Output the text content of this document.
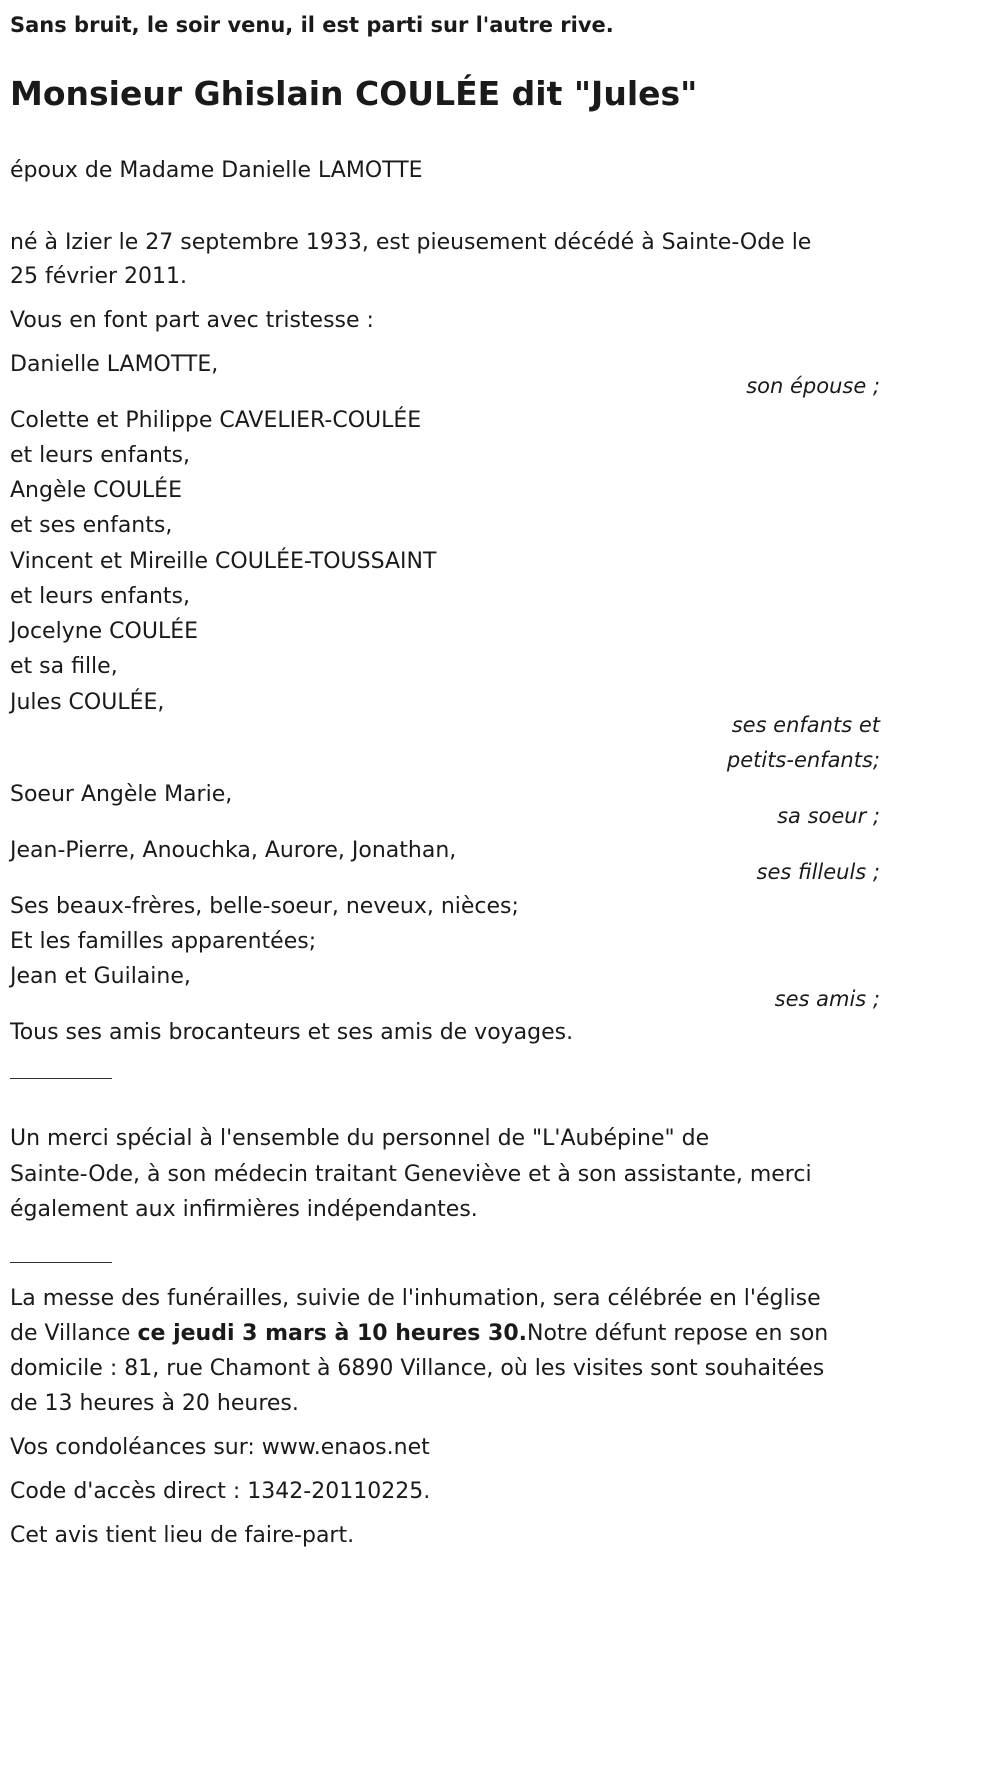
Sans bruit, le soir venu, il est parti sur l'autre rive.
Monsieur Ghislain COULÉE dit "Jules"
époux de Madame Danielle LAMOTTE
né à Izier le 27 septembre 1933, est pieusement décédé à Sainte-Ode le
25 février 2011.
Vous en font part avec tristesse :
Danielle LAMOTTE,
son épouse ;
Colette et Philippe CAVELIER-COULÉE
et leurs enfants,
Angèle COULÉE
et ses enfants,
Vincent et Mireille COULÉE-TOUSSAINT
et leurs enfants,
Jocelyne COULÉE
et sa fille,
Jules COULÉE,
ses enfants et
petits-enfants;
Soeur Angèle Marie,
sa soeur ;
Jean-Pierre, Anouchka, Aurore, Jonathan,
ses filleuls ;
Ses beaux-frères, belle-soeur, neveux, nièces;
Et les familles apparentées;
Jean et Guilaine,
ses amis ;
Tous ses amis brocanteurs et ses amis de voyages.
Un merci spécial à l'ensemble du personnel de "L'Aubépine" de
Sainte-Ode, à son médecin traitant Geneviève et à son assistante, merci
également aux infirmières indépendantes.
La messe des funérailles, suivie de l'inhumation, sera célébrée en l'église
de Villance ce jeudi 3 mars à 10 heures 30.Notre défunt repose en son
domicile : 81, rue Chamont à 6890 Villance, où les visites sont souhaitées
de 13 heures à 20 heures.
Vos condoléances sur: www.enaos.net
Code d'accès direct : 1342-20110225.
Cet avis tient lieu de faire-part.
